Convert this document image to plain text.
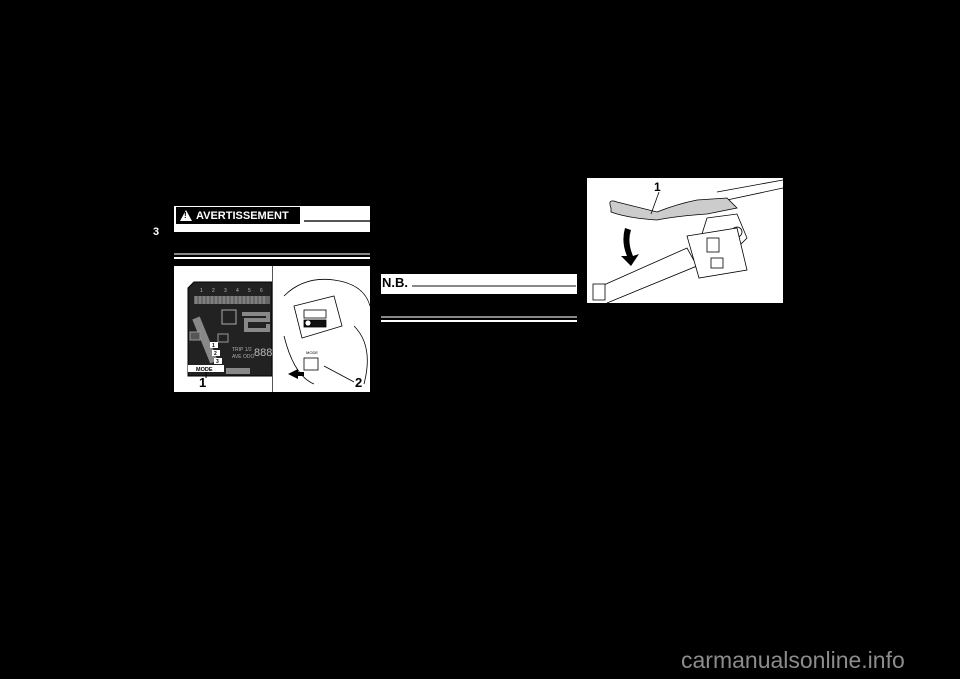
3
!
AVERTISSEMENT
1 2 3 4 5 6
1
2
3
MODE
TRIP 1/2
AVE ODO 888	MODE
1	2
N.B.
1
carmanualsonline.info
